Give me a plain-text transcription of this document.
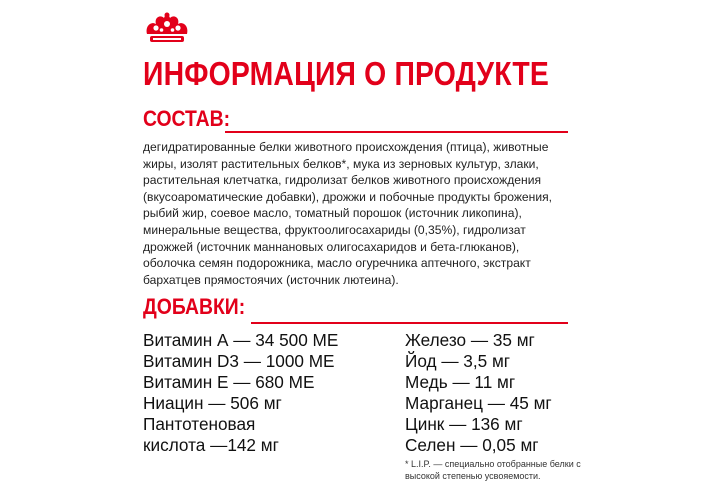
ИНФОРМАЦИЯ О ПРОДУКТЕ
СОСТАВ:

дегидратированные белки животного происхождения (птица), животные жиры, изолят растительных белков*, мука из зерновых культур, злаки, растительная клетчатка, гидролизат белков животного происхождения (вкусоароматические добавки), дрожжи и побочные продукты брожения, рыбий жир, соевое масло, томатный порошок (источник ликопина), минеральные вещества, фруктоолигосахариды (0,35%), гидролизат дрожжей (источник маннановых олигосахаридов и бета-глюканов), оболочка семян подорожника, масло огуречника аптечного, экстракт бархатцев прямостоячих (источник лютеина).

ДОБАВКИ:
Витамин А — 34 500 МЕ
Витамин D3 — 1000 МЕ
Витамин Е — 680 МЕ
Ниацин — 506 мг
Пантотеновая
кислота —142 мг
Железо — 35 мг
Йод — 3,5 мг
Медь — 11 мг
Марганец — 45 мг
Цинк — 136 мг
Селен — 0,05 мг

* L.I.P. — специально отобранные белки с высокой степенью усвояемости.
